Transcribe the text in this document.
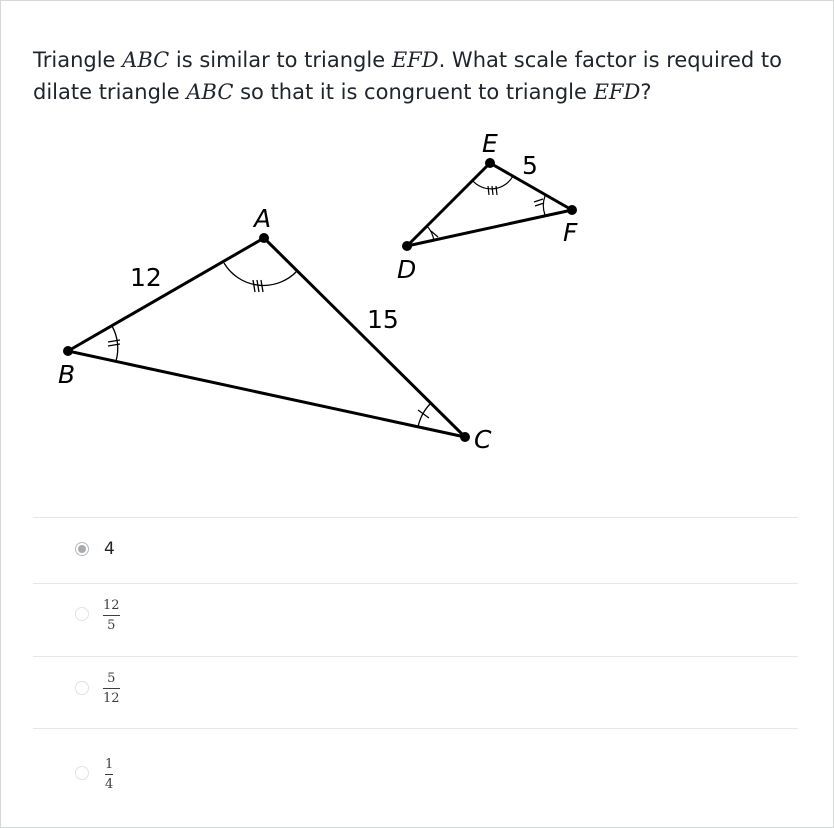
Triangle ABC is similar to triangle EFD. What scale factor is required to dilate triangle ABC so that it is congruent to triangle EFD?
A
B
C
D
E
F
12
15
5
4
12
5
5
12
1
4
